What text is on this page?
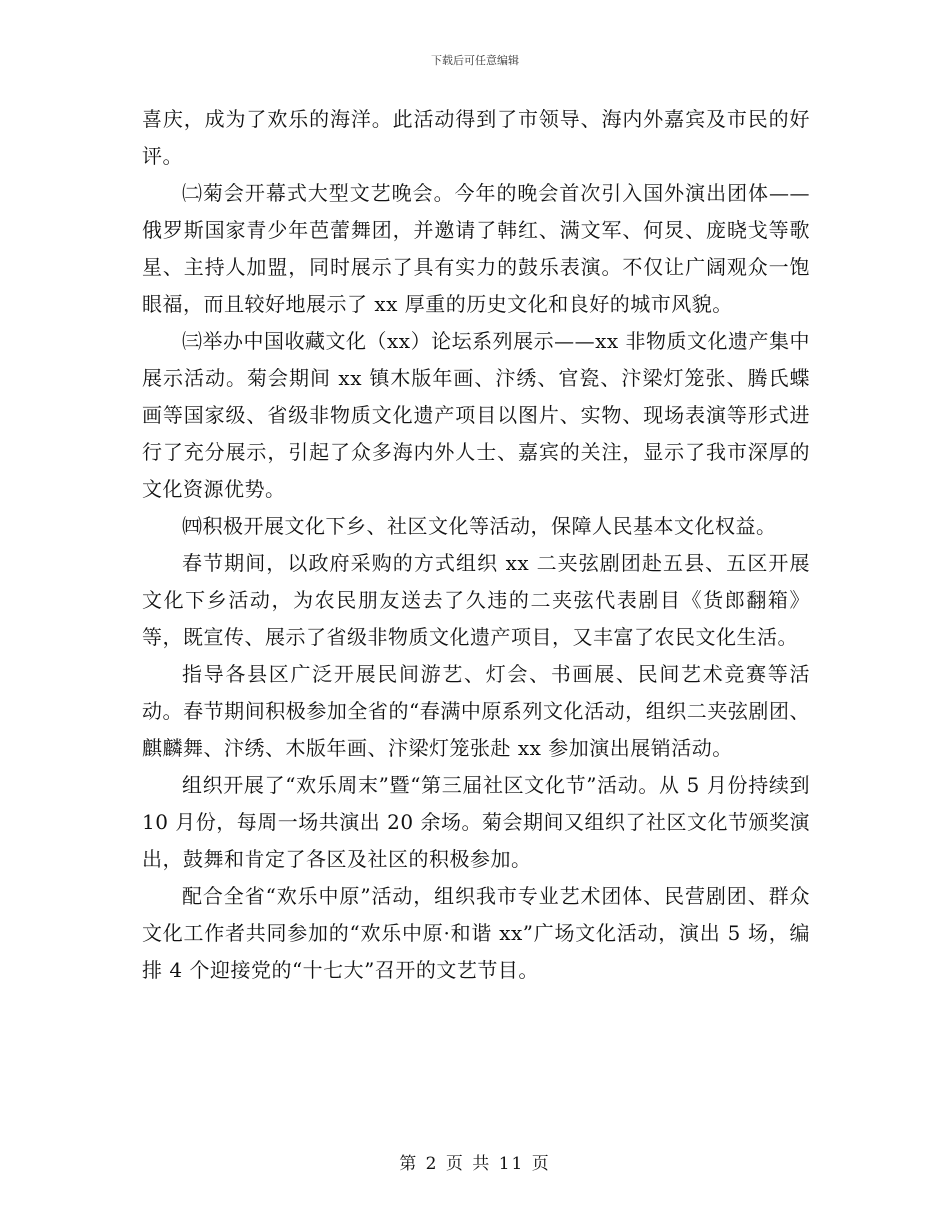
下载后可任意编辑

喜庆，成为了欢乐的海洋。此活动得到了市领导、海内外嘉宾及市民的好评。

㈡菊会开幕式大型文艺晚会。今年的晚会首次引入国外演出团体——俄罗斯国家青少年芭蕾舞团，并邀请了韩红、满文军、何炅、庞晓戈等歌星、主持人加盟，同时展示了具有实力的鼓乐表演。不仅让广阔观众一饱眼福，而且较好地展示了 xx 厚重的历史文化和良好的城市风貌。

㈢举办中国收藏文化（xx）论坛系列展示——xx 非物质文化遗产集中展示活动。菊会期间 xx 镇木版年画、汴绣、官瓷、汴梁灯笼张、腾氏蝶画等国家级、省级非物质文化遗产项目以图片、实物、现场表演等形式进行了充分展示，引起了众多海内外人士、嘉宾的关注，显示了我市深厚的文化资源优势。

㈣积极开展文化下乡、社区文化等活动，保障人民基本文化权益。

春节期间，以政府采购的方式组织 xx 二夹弦剧团赴五县、五区开展文化下乡活动，为农民朋友送去了久违的二夹弦代表剧目《货郎翻箱》等，既宣传、展示了省级非物质文化遗产项目，又丰富了农民文化生活。

指导各县区广泛开展民间游艺、灯会、书画展、民间艺术竞赛等活动。春节期间积极参加全省的“春满中原系列文化活动，组织二夹弦剧团、麒麟舞、汴绣、木版年画、汴梁灯笼张赴 xx 参加演出展销活动。

组织开展了“欢乐周末”暨“第三届社区文化节”活动。从 5 月份持续到 10 月份，每周一场共演出 20 余场。菊会期间又组织了社区文化节颁奖演出，鼓舞和肯定了各区及社区的积极参加。

配合全省“欢乐中原”活动，组织我市专业艺术团体、民营剧团、群众文化工作者共同参加的“欢乐中原·和谐 xx”广场文化活动，演出 5 场，编排 4 个迎接党的“十七大”召开的文艺节目。

第 2 页 共 11 页
